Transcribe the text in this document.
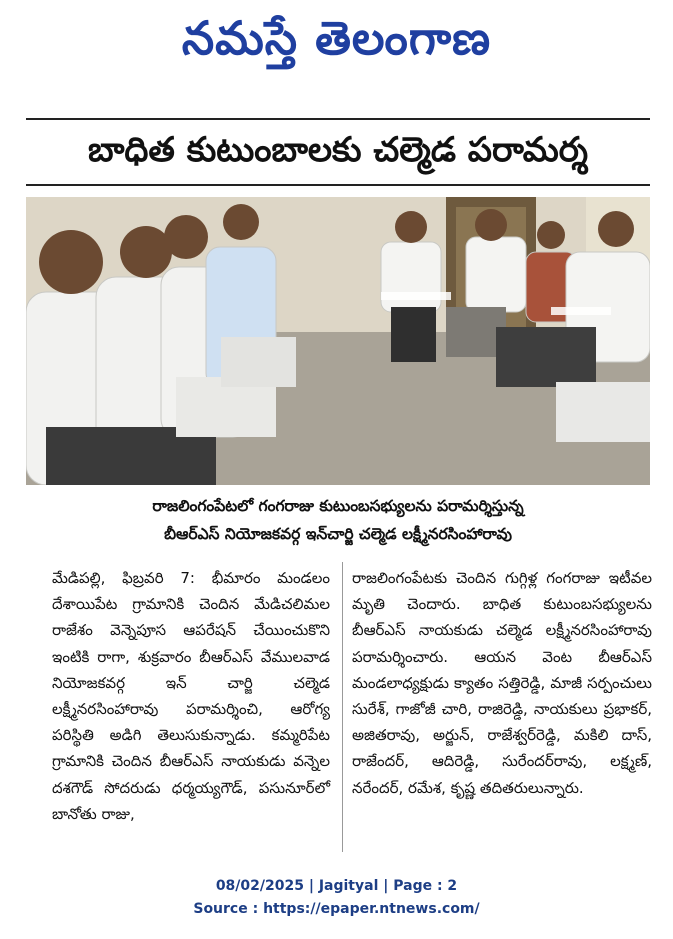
నమస్తే తెలంగాణ
బాధిత కుటుంబాలకు చల్మెడ పరామర్శ
రాజలింగంపేటలో గంగరాజు కుటుంబసభ్యులను పరామర్శిస్తున్న
బీఆర్‌ఎస్ నియోజకవర్గ ఇన్‌చార్జి చల్మెడ లక్ష్మీనరసింహారావు

మేడిపల్లి, ఫిబ్రవరి 7: భీమారం మండలం దేశాయిపేట గ్రామానికి చెందిన మేడిచలిమల రాజేశం వెన్నెపూస ఆపరేషన్ చేయించుకొని ఇంటికి రాగా, శుక్రవారం బీఆర్‌ఎస్ వేములవాడ నియోజకవర్గ ఇన్ చార్జి చల్మెడ లక్ష్మీనరసింహారావు పరామర్శించి, ఆరోగ్య పరిస్థితి అడిగి తెలుసుకున్నాడు. కమ్మరిపేట గ్రామానికి చెందిన బీఆర్‌ఎస్ నాయకుడు వన్నెల దశగౌడ్ సోదరుడు ధర్మయ్యగౌడ్, పసునూర్‌లో బానోతు రాజు,

రాజలింగంపేటకు చెందిన గుగ్గిళ్ల గంగరాజు ఇటీవల మృతి చెందారు. బాధిత కుటుంబసభ్యులను బీఆర్‌ఎస్ నాయకుడు చల్మెడ లక్ష్మీనరసింహారావు పరామర్శించారు. ఆయన వెంట బీఆర్‌ఎస్ మండలాధ్యక్షుడు క్యాతం సత్తిరెడ్డి, మాజీ సర్పంచులు సురేశ్, గాజోజీ చారి, రాజిరెడ్డి, నాయకులు ప్రభాకర్, అజితరావు, అర్జున్, రాజేశ్వర్‌రెడ్డి, మకిలి దాస్, రాజేందర్, ఆదిరెడ్డి, సురేందర్‌రావు, లక్ష్మణ్, నరేందర్, రమేశ, కృష్ణ తదితరులున్నారు.

08/02/2025 | Jagityal | Page : 2
Source : https://epaper.ntnews.com/
